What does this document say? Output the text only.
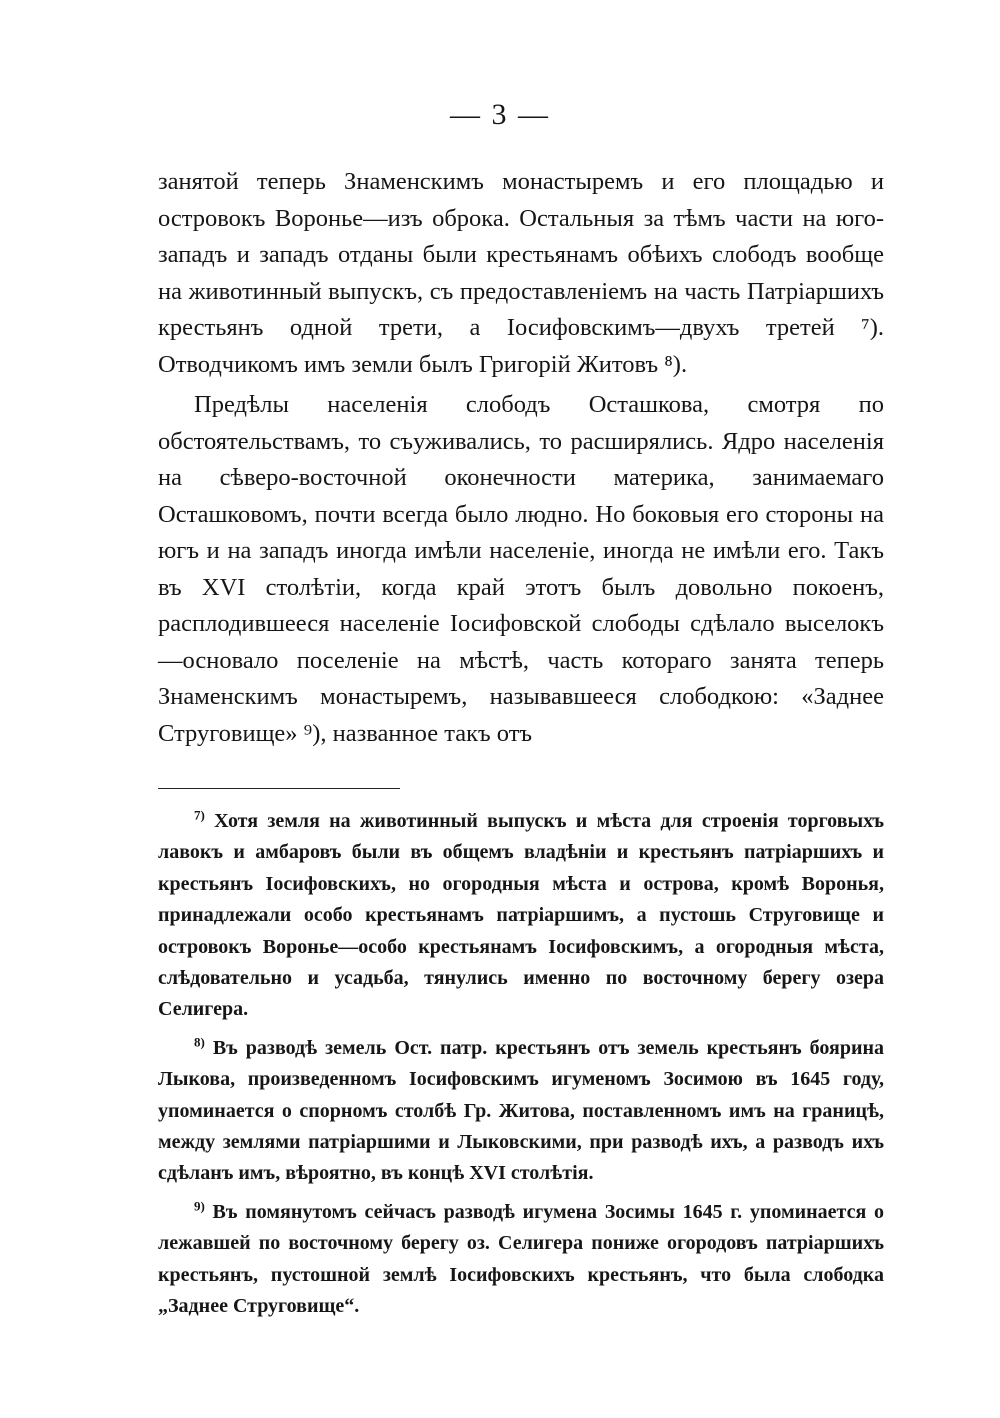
— 3 —

занятой теперь Знаменскимъ монастыремъ и его площадью и островокъ Воронье—изъ оброка. Остальныя за тѣмъ части на юго-западъ и западъ отданы были крестьянамъ обѣихъ слободъ вообще на животинный выпускъ, съ предоставленіемъ на часть Патріаршихъ крестьянъ одной трети, а Іосифовскимъ—двухъ третей ⁷). Отводчикомъ имъ земли былъ Григорій Житовъ ⁸).

Предѣлы населенія слободъ Осташкова, смотря по обстоятельствамъ, то съуживались, то расширялись. Ядро населенія на сѣверо-восточной оконечности материка, занимаемаго Осташковомъ, почти всегда было людно. Но боковыя его стороны на югъ и на западъ иногда имѣли населеніе, иногда не имѣли его. Такъ въ XVI столѣтіи, когда край этотъ былъ довольно покоенъ, расплодившееся населеніе Іосифовской слободы сдѣлало выселокъ—основало поселеніе на мѣстѣ, часть котораго занята теперь Знаменскимъ монастыремъ, называвшееся слободкою: «Заднее Струговище» ⁹), названное такъ отъ

$^{7)}$ Хотя земля на животинный выпускъ и мѣста для строенія торговыхъ лавокъ и амбаровъ были въ общемъ владѣніи и крестьянъ патріаршихъ и крестьянъ Іосифовскихъ, но огородныя мѣста и острова, кромѣ Воронья, принадлежали особо крестьянамъ патріаршимъ, а пустошь Струговище и островокъ Воронье—особо крестьянамъ Іосифовскимъ, а огородныя мѣста, слѣдовательно и усадьба, тянулись именно по восточному берегу озера Селигера.

$^{8)}$ Въ разводѣ земель Ост. патр. крестьянъ отъ земель крестьянъ боярина Лыкова, произведенномъ Іосифовскимъ игуменомъ Зосимою въ 1645 году, упоминается о спорномъ столбѣ Гр. Житова, поставленномъ имъ на границѣ, между землями патріаршими и Лыковскими, при разводѣ ихъ, а разводъ ихъ сдѣланъ имъ, вѣроятно, въ концѣ XVI столѣтія.

$^{9)}$ Въ помянутомъ сейчасъ разводѣ игумена Зосимы 1645 г. упоминается о лежавшей по восточному берегу оз. Селигера пониже огородовъ патріаршихъ крестьянъ, пустошной землѣ Іосифовскихъ крестьянъ, что была слободка „Заднее Струговище“.
